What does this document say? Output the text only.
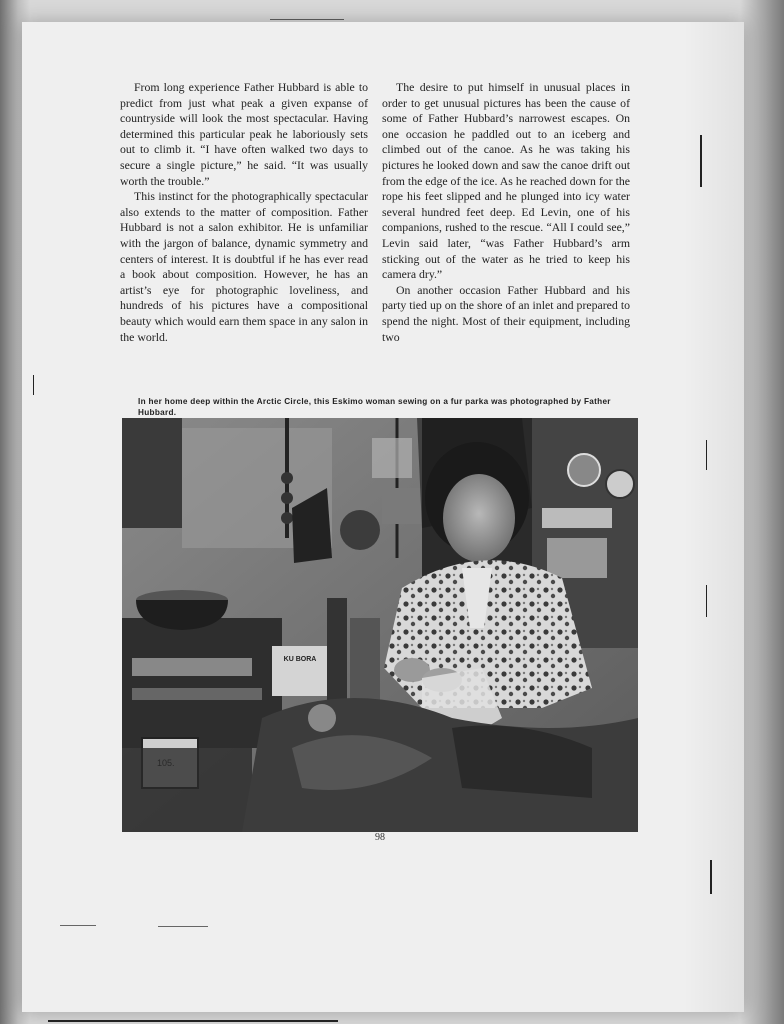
From long experience Father Hubbard is able to predict from just what peak a given expanse of countryside will look the most spectacular. Having determined this particular peak he laboriously sets out to climb it. “I have often walked two days to secure a single picture,” he said. “It was usually worth the trouble.”

This instinct for the photographically spectacular also extends to the matter of composition. Father Hubbard is not a salon exhibitor. He is unfamiliar with the jargon of balance, dynamic symmetry and centers of interest. It is doubtful if he has ever read a book about composition. However, he has an artist’s eye for photographic loveliness, and hundreds of his pictures have a compositional beauty which would earn them space in any salon in the world.

The desire to put himself in unusual places in order to get unusual pictures has been the cause of some of Father Hubbard’s narrowest escapes. On one occasion he paddled out to an iceberg and climbed out of the canoe. As he was taking his pictures he looked down and saw the canoe drift out from the edge of the ice. As he reached down for the rope his feet slipped and he plunged into icy water several hundred feet deep. Ed Levin, one of his companions, rushed to the rescue. “All I could see,” Levin said later, “was Father Hubbard’s arm sticking out of the water as he tried to keep his camera dry.”

On another occasion Father Hubbard and his party tied up on the shore of an inlet and prepared to spend the night. Most of their equipment, including two

In her home deep within the Arctic Circle, this Eskimo woman sewing on a fur parka was photographed by Father Hubbard.
KU BORA
98
